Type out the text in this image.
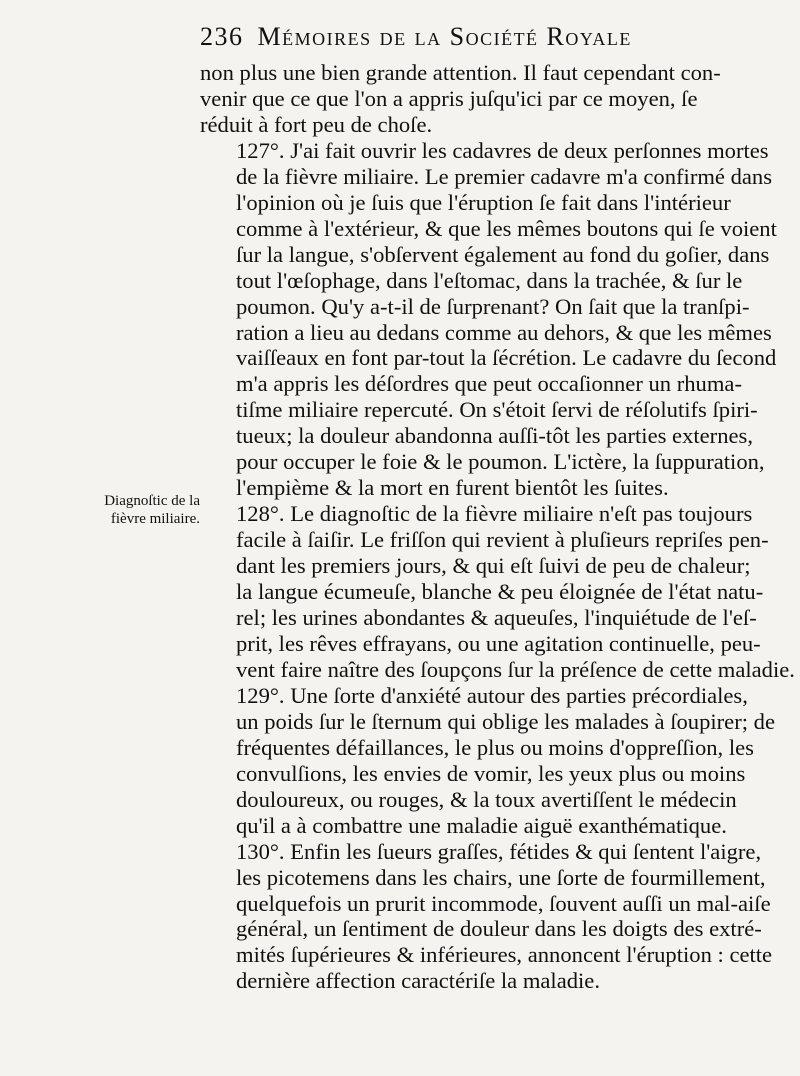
236 Mémoires de la Société Royale
Diagnoſtic de la
fièvre miliaire.

non plus une bien grande attention. Il faut cependant con-
venir que ce que l'on a appris juſqu'ici par ce moyen, ſe
réduit à fort peu de choſe.

127°. J'ai fait ouvrir les cadavres de deux perſonnes mortes
de la fièvre miliaire. Le premier cadavre m'a confirmé dans
l'opinion où je ſuis que l'éruption ſe fait dans l'intérieur
comme à l'extérieur, & que les mêmes boutons qui ſe voient
ſur la langue, s'obſervent également au fond du goſier, dans
tout l'œſophage, dans l'eſtomac, dans la trachée, & ſur le
poumon. Qu'y a-t-il de ſurprenant? On ſait que la tranſpi-
ration a lieu au dedans comme au dehors, & que les mêmes
vaiſſeaux en font par-tout la ſécrétion. Le cadavre du ſecond
m'a appris les déſordres que peut occaſionner un rhuma-
tiſme miliaire repercuté. On s'étoit ſervi de réſolutifs ſpiri-
tueux; la douleur abandonna auſſi-tôt les parties externes,
pour occuper le foie & le poumon. L'ictère, la ſuppuration,
l'empième & la mort en furent bientôt les ſuites.

128°. Le diagnoſtic de la fièvre miliaire n'eſt pas toujours
facile à ſaiſir. Le friſſon qui revient à pluſieurs repriſes pen-
dant les premiers jours, & qui eſt ſuivi de peu de chaleur;
la langue écumeuſe, blanche & peu éloignée de l'état natu-
rel; les urines abondantes & aqueuſes, l'inquiétude de l'eſ-
prit, les rêves effrayans, ou une agitation continuelle, peu-
vent faire naître des ſoupçons ſur la préſence de cette maladie.

129°. Une ſorte d'anxiété autour des parties précordiales,
un poids ſur le ſternum qui oblige les malades à ſoupirer; de
fréquentes défaillances, le plus ou moins d'oppreſſion, les
convulſions, les envies de vomir, les yeux plus ou moins
douloureux, ou rouges, & la toux avertiſſent le médecin
qu'il a à combattre une maladie aiguë exanthématique.

130°. Enfin les ſueurs graſſes, fétides & qui ſentent l'aigre,
les picotemens dans les chairs, une ſorte de fourmillement,
quelquefois un prurit incommode, ſouvent auſſi un mal-aiſe
général, un ſentiment de douleur dans les doigts des extré-
mités ſupérieures & inférieures, annoncent l'éruption : cette
dernière affection caractériſe la maladie.
